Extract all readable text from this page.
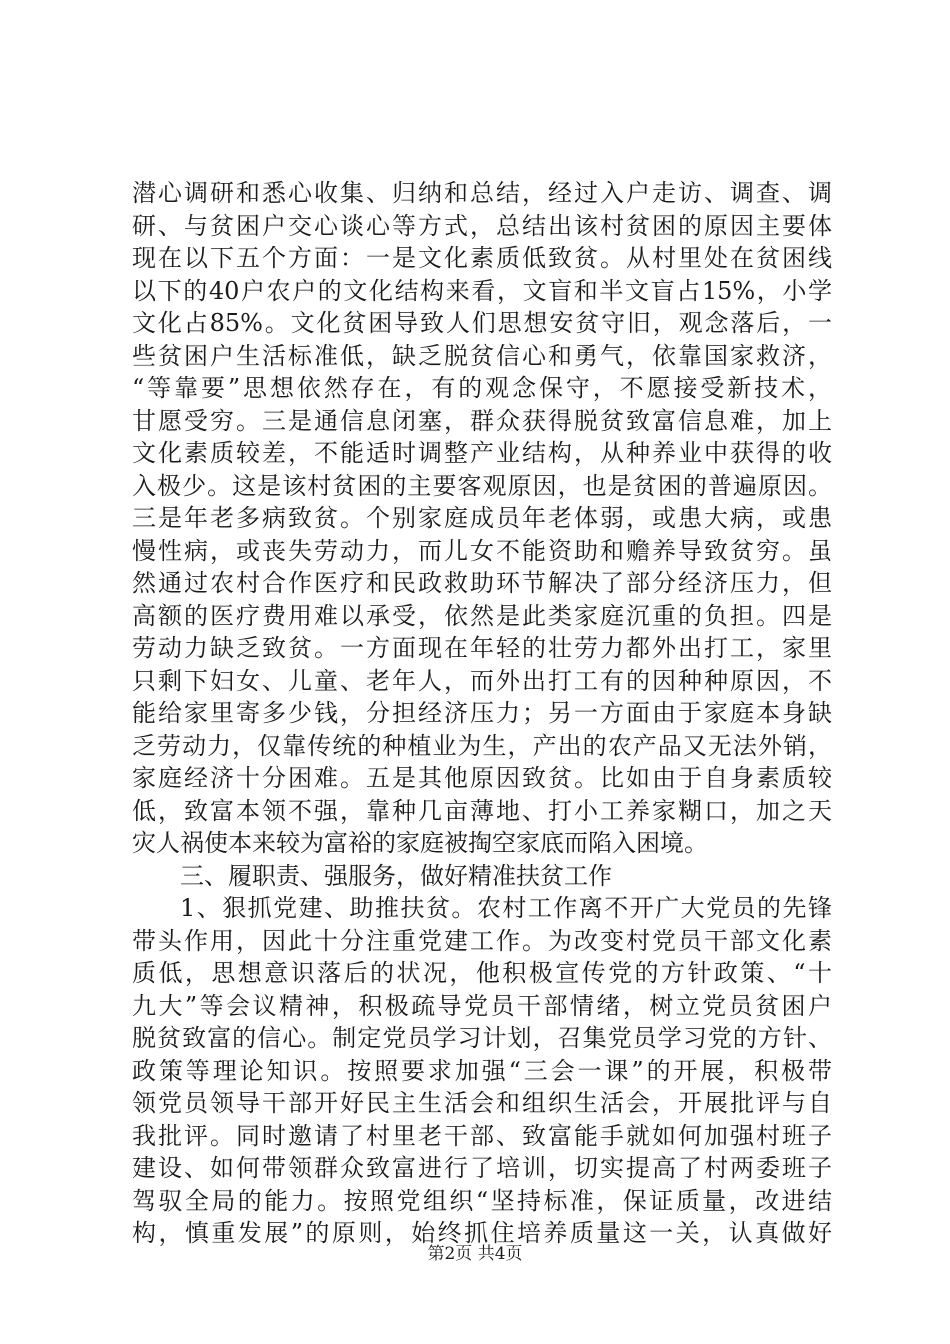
潜心调研和悉心收集、归纳和总结，经过入户走访、调查、调
研、与贫困户交心谈心等方式，总结出该村贫困的原因主要体
现在以下五个方面：一是文化素质低致贫。从村里处在贫困线
以下的40户农户的文化结构来看，文盲和半文盲占15%，小学
文化占85%。文化贫困导致人们思想安贫守旧，观念落后，一
些贫困户生活标准低，缺乏脱贫信心和勇气，依靠国家救济，
“等靠要”思想依然存在，有的观念保守，不愿接受新技术，
甘愿受穷。三是通信息闭塞，群众获得脱贫致富信息难，加上
文化素质较差，不能适时调整产业结构，从种养业中获得的收
入极少。这是该村贫困的主要客观原因，也是贫困的普遍原因。
三是年老多病致贫。个别家庭成员年老体弱，或患大病，或患
慢性病，或丧失劳动力，而儿女不能资助和赡养导致贫穷。虽
然通过农村合作医疗和民政救助环节解决了部分经济压力，但
高额的医疗费用难以承受，依然是此类家庭沉重的负担。四是
劳动力缺乏致贫。一方面现在年轻的壮劳力都外出打工，家里
只剩下妇女、儿童、老年人，而外出打工有的因种种原因，不
能给家里寄多少钱，分担经济压力；另一方面由于家庭本身缺
乏劳动力，仅靠传统的种植业为生，产出的农产品又无法外销，
家庭经济十分困难。五是其他原因致贫。比如由于自身素质较
低，致富本领不强，靠种几亩薄地、打小工养家糊口，加之天
灾人祸使本来较为富裕的家庭被掏空家底而陷入困境。
三、履职责、强服务，做好精准扶贫工作
1、狠抓党建、助推扶贫。农村工作离不开广大党员的先锋
带头作用，因此十分注重党建工作。为改变村党员干部文化素
质低，思想意识落后的状况，他积极宣传党的方针政策、“十
九大”等会议精神，积极疏导党员干部情绪，树立党员贫困户
脱贫致富的信心。制定党员学习计划，召集党员学习党的方针、
政策等理论知识。按照要求加强“三会一课”的开展，积极带
领党员领导干部开好民主生活会和组织生活会，开展批评与自
我批评。同时邀请了村里老干部、致富能手就如何加强村班子
建设、如何带领群众致富进行了培训，切实提高了村两委班子
驾驭全局的能力。按照党组织“坚持标准，保证质量，改进结
构，慎重发展”的原则，始终抓住培养质量这一关，认真做好
第2页 共4页
